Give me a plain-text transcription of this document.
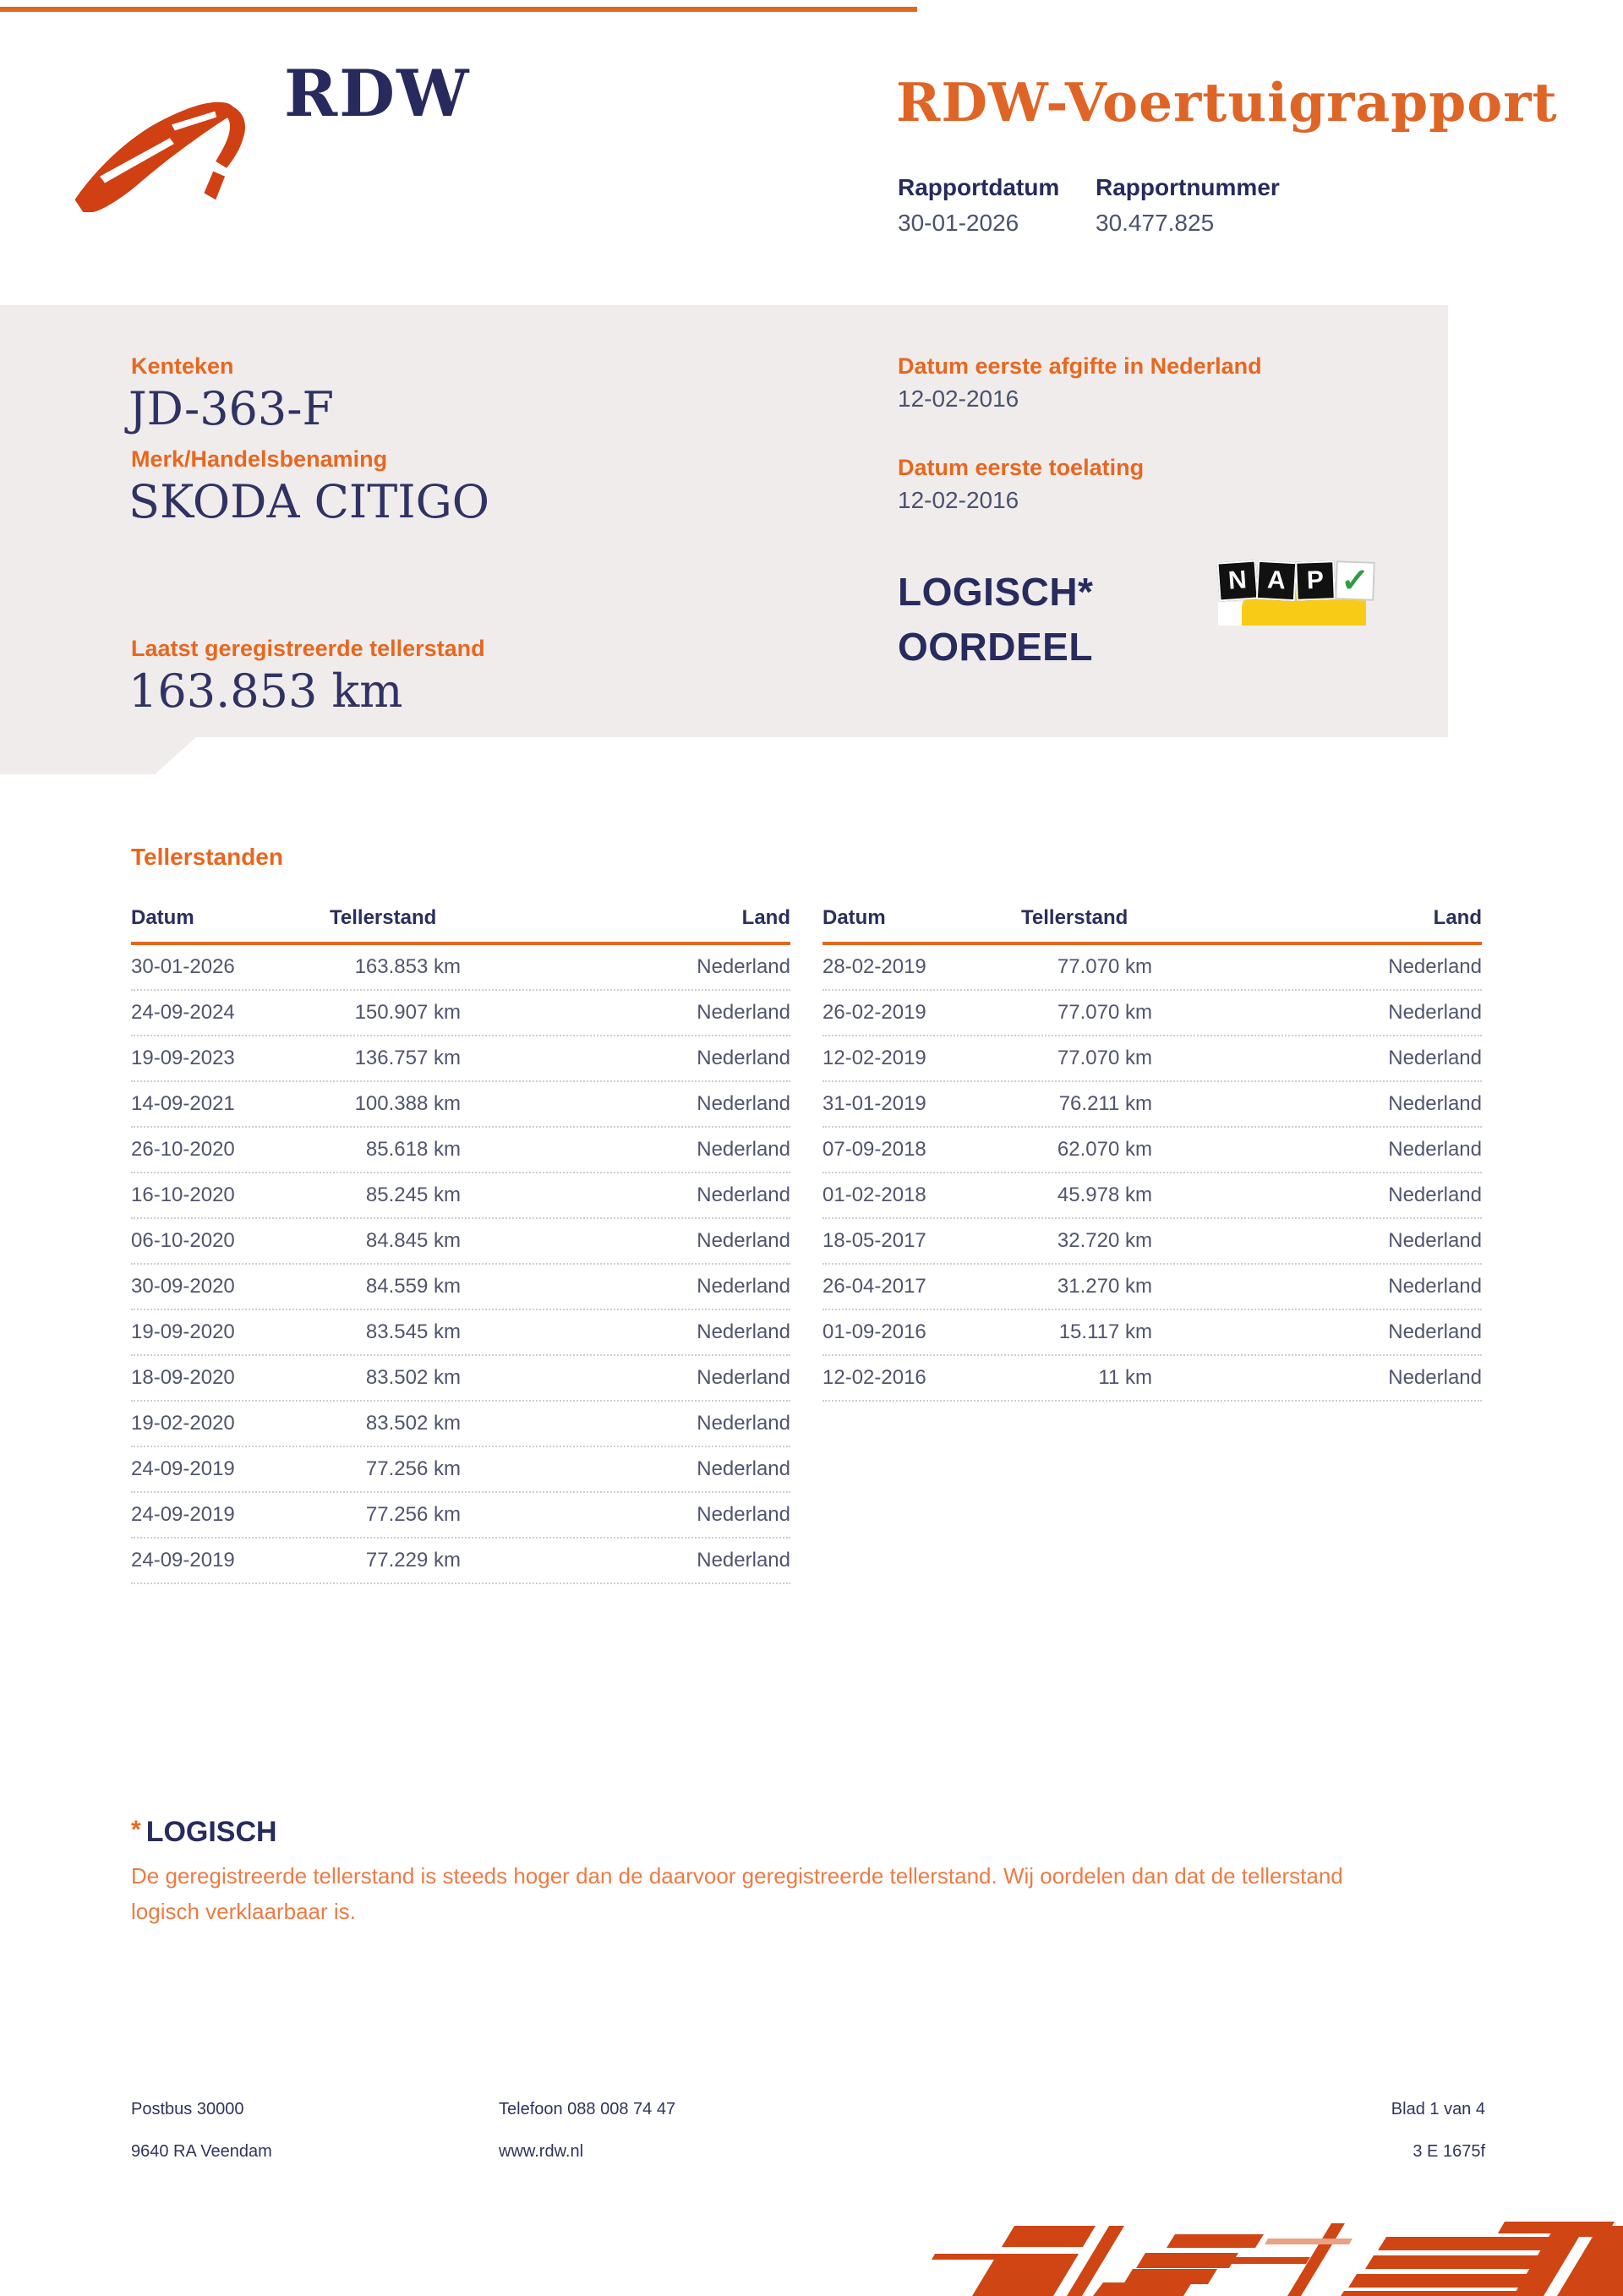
RDW	RDW-Voertuigrapport
Rapportdatum
30-01-2026
Rapportnummer
30.477.825
Kenteken
JD-363-F
Merk/Handelsbenaming
SKODA CITIGO
Laatst geregistreerde tellerstand
163.853 km
Datum eerste afgifte in Nederland
12-02-2016
Datum eerste toelating
12-02-2016
LOGISCH*
OORDEEL
N A P ✓
Tellerstanden
Datum	Tellerstand	Land
30-01-2026	163.853 km	Nederland
24-09-2024	150.907 km	Nederland
19-09-2023	136.757 km	Nederland
14-09-2021	100.388 km	Nederland
26-10-2020	85.618 km	Nederland
16-10-2020	85.245 km	Nederland
06-10-2020	84.845 km	Nederland
30-09-2020	84.559 km	Nederland
19-09-2020	83.545 km	Nederland
18-09-2020	83.502 km	Nederland
19-02-2020	83.502 km	Nederland
24-09-2019	77.256 km	Nederland
24-09-2019	77.256 km	Nederland
24-09-2019	77.229 km	Nederland
Datum	Tellerstand	Land
28-02-2019	77.070 km	Nederland
26-02-2019	77.070 km	Nederland
12-02-2019	77.070 km	Nederland
31-01-2019	76.211 km	Nederland
07-09-2018	62.070 km	Nederland
01-02-2018	45.978 km	Nederland
18-05-2017	32.720 km	Nederland
26-04-2017	31.270 km	Nederland
01-09-2016	15.117 km	Nederland
12-02-2016	11 km	Nederland
* LOGISCH
De geregistreerde tellerstand is steeds hoger dan de daarvoor geregistreerde tellerstand. Wij oordelen dan dat de tellerstand logisch verklaarbaar is.
Postbus 30000
9640 RA Veendam
Telefoon 088 008 74 47
www.rdw.nl
Blad 1 van 4
3 E 1675f
